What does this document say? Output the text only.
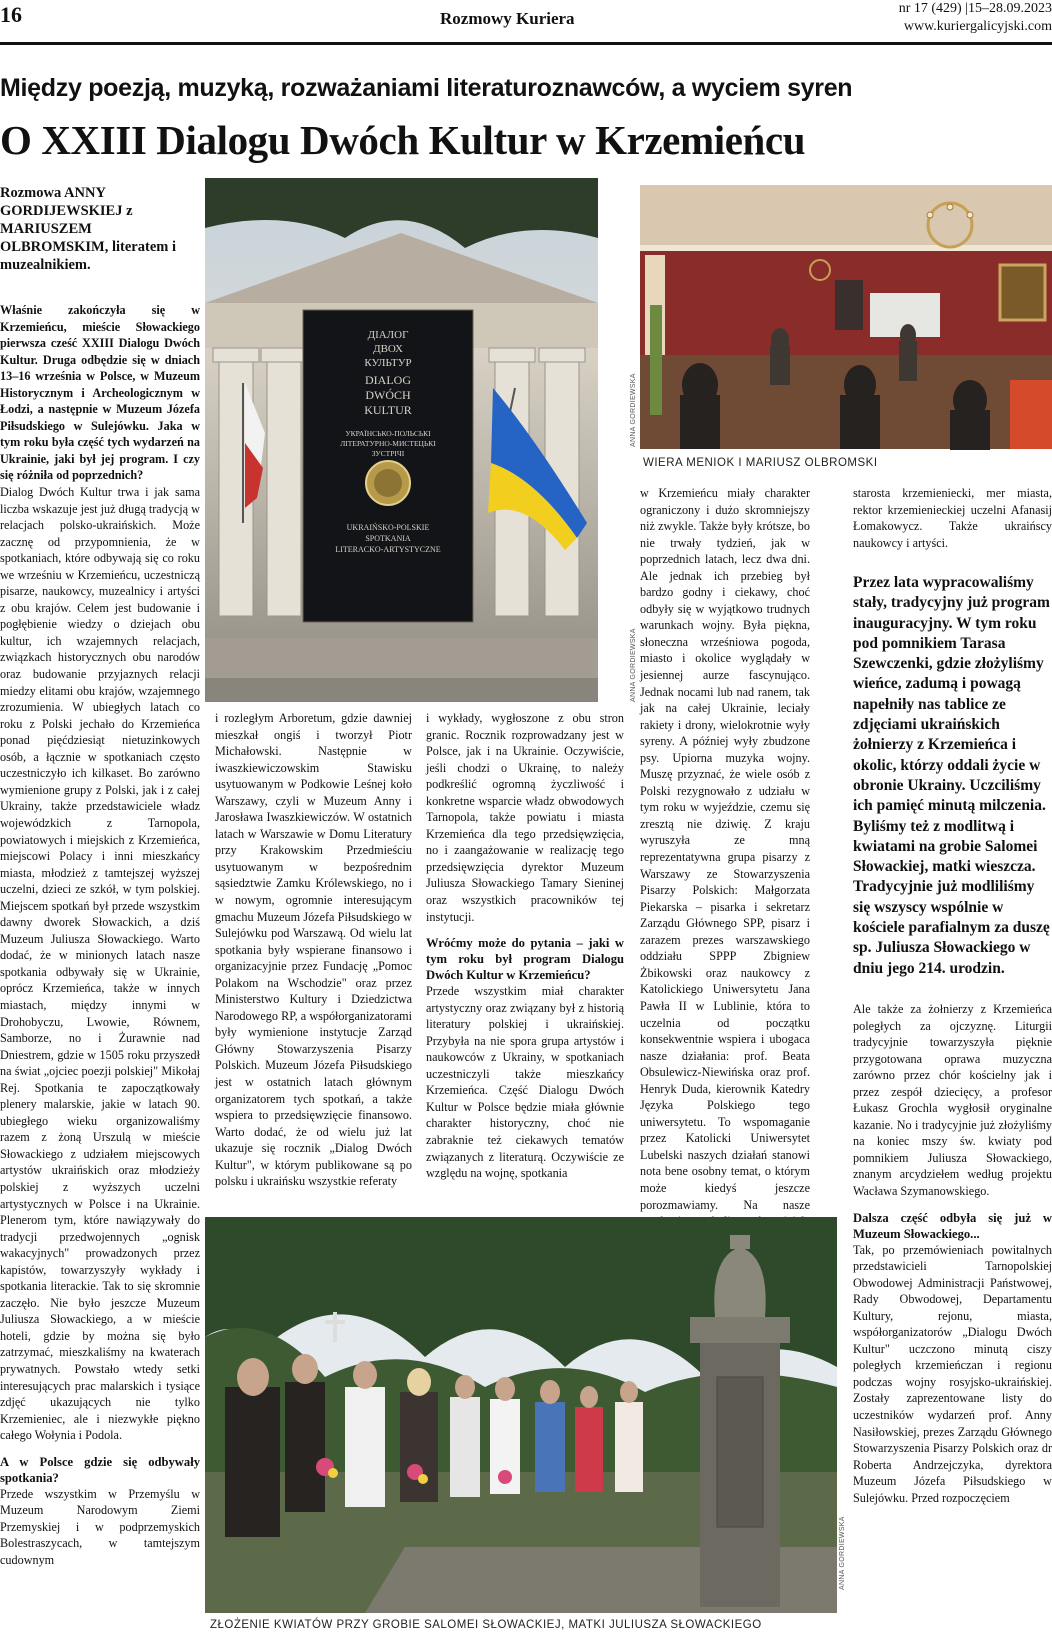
16	Rozmowy Kuriera
nr 17 (429) |15–28.09.2023
www.kuriergalicyjski.com
Między poezją, muzyką, rozważaniami literaturoznawców, a wyciem syren
O XXIII Dialogu Dwóch Kultur w Krzemieńcu
Rozmowa ANNY GORDIJEWSKIEJ z MARIUSZEM OLBROMSKIM, literatem i muzealnikiem.

Właśnie zakończyła się w Krzemieńcu, mieście Słowackiego pierwsza cześć XXIII Dialogu Dwóch Kultur. Druga odbędzie się w dniach 13–16 września w Polsce, w Muzeum Historycznym i Archeologicznym w Łodzi, a następnie w Muzeum Józefa Piłsudskiego w Sulejówku. Jaka w tym roku była część tych wydarzeń na Ukrainie, jaki był jej program. I czy się różniła od poprzednich?

Dialog Dwóch Kultur trwa i jak sama liczba wskazuje jest już długą tradycją w relacjach polsko-ukraińskich. Może zacznę od przypomnienia, że w spotkaniach, które odbywają się co roku we wrześniu w Krzemieńcu, uczestniczą pisarze, naukowcy, muzealnicy i artyści z obu krajów. Celem jest budowanie i pogłębienie wiedzy o dziejach obu kultur, ich wzajemnych relacjach, związkach historycznych obu narodów oraz budowanie przyjaznych relacji miedzy elitami obu krajów, wzajemnego zrozumienia. W ubiegłych latach co roku z Polski jechało do Krzemieńca ponad pięćdziesiąt nietuzinkowych osób, a łącznie w spotkaniach często uczestniczyło ich kilkaset. Bo zarówno wymienione grupy z Polski, jak i z całej Ukrainy, także przedstawiciele władz wojewódzkich z Tarnopola, powiatowych i miejskich z Krzemieńca, miejscowi Polacy i inni mieszkańcy miasta, młodzież z tamtejszej wyższej uczelni, dzieci ze szkół, w tym polskiej. Miejscem spotkań był przede wszystkim dawny dworek Słowackich, a dziś Muzeum Juliusza Słowackiego. Warto dodać, że w minionych latach nasze spotkania odbywały się w Ukrainie, oprócz Krzemieńca, także w innych miastach, między innymi w Drohobyczu, Lwowie, Równem, Samborze, no i Żurawnie nad Dniestrem, gdzie w 1505 roku przyszedł na świat „ojciec poezji polskiej" Mikołaj Rej. Spotkania te zapoczątkowały plenery malarskie, jakie w latach 90. ubiegłego wieku organizowaliśmy razem z żoną Urszulą w mieście Słowackiego z udziałem miejscowych artystów ukraińskich oraz młodzieży polskiej z wyższych uczelni artystycznych w Polsce i na Ukrainie. Plenerom tym, które nawiązywały do tradycji przedwojennych „ognisk wakacyjnych" prowadzonych przez kapistów, towarzyszyły wykłady i spotkania literackie. Tak to się skromnie zaczęło. Nie było jeszcze Muzeum Juliusza Słowackiego, a w mieście hoteli, gdzie by można się było zatrzymać, mieszkaliśmy na kwaterach prywatnych. Powstało wtedy setki interesujących prac malarskich i tysiące zdjęć ukazujących nie tylko Krzemieniec, ale i niezwykłe piękno całego Wołynia i Podola.

A w Polsce gdzie się odbywały spotkania?

Przede wszystkim w Przemyślu w Muzeum Narodowym Ziemi Przemyskiej i w podprzemyskich Bolestraszycach, w tamtejszym cudownym

ДІАЛОГ
ДВОХ
КУЛЬТУР
DIALOG
DWÓCH
KULTUR
УКРАЇНСЬКО-ПОЛЬСЬКІ
ЛІТЕРАТУРНО-МИСТЕЦЬКІ
ЗУСТРІЧІ
UKRAIŃSKO-POLSKIE
SPOTKANIA
LITERACKO-ARTYSTYCZNE
ANNA GORDIEWSKA
ANNA GORDIEWSKA
WIERA MENIOK I MARIUSZ OLBROMSKI

i rozległym Arboretum, gdzie dawniej mieszkał ongiś i tworzył Piotr Michałowski. Następnie w iwaszkiewiczowskim Stawisku usytuowanym w Podkowie Leśnej koło Warszawy, czyli w Muzeum Anny i Jarosława Iwaszkiewiczów. W ostatnich latach w Warszawie w Domu Literatury przy Krakowskim Przedmieściu usytuowanym w bezpośrednim sąsiedztwie Zamku Królewskiego, no i w nowym, ogromnie interesującym gmachu Muzeum Józefa Piłsudskiego w Sulejówku pod Warszawą. Od wielu lat spotkania były wspierane finansowo i organizacyjnie przez Fundację „Pomoc Polakom na Wschodzie" oraz przez Ministerstwo Kultury i Dziedzictwa Narodowego RP, a współorganizatorami były wymienione instytucje Zarząd Główny Stowarzyszenia Pisarzy Polskich. Muzeum Józefa Piłsudskiego jest w ostatnich latach głównym organizatorem tych spotkań, a także wspiera to przedsięwzięcie finansowo. Warto dodać, że od wielu już lat ukazuje się rocznik „Dialog Dwóch Kultur", w którym publikowane są po polsku i ukraińsku wszystkie referaty

i wykłady, wygłoszone z obu stron granic. Rocznik rozprowadzany jest w Polsce, jak i na Ukrainie. Oczywiście, jeśli chodzi o Ukrainę, to należy podkreślić ogromną życzliwość i konkretne wsparcie władz obwodowych Tarnopola, także powiatu i miasta Krzemieńca dla tego przedsięwzięcia, no i zaangażowanie w realizację tego przedsięwzięcia dyrektor Muzeum Juliusza Słowackiego Tamary Sieninej oraz wszystkich pracowników tej instytucji.

Wróćmy może do pytania – jaki w tym roku był program Dialogu Dwóch Kultur w Krzemieńcu?

Przede wszystkim miał charakter artystyczny oraz związany był z historią literatury polskiej i ukraińskiej. Przybyła na nie spora grupa artystów i naukowców z Ukrainy, w spotkaniach uczestniczyli także mieszkańcy Krzemieńca. Część Dialogu Dwóch Kultur w Polsce będzie miała głównie charakter historyczny, choć nie zabraknie też ciekawych tematów związanych z literaturą. Oczywiście ze względu na wojnę, spotkania

w Krzemieńcu miały charakter ograniczony i dużo skromniejszy niż zwykle. Także były krótsze, bo nie trwały tydzień, jak w poprzednich latach, lecz dwa dni. Ale jednak ich przebieg był bardzo godny i ciekawy, choć odbyły się w wyjątkowo trudnych warunkach wojny. Była piękna, słoneczna wrześniowa pogoda, miasto i okolice wyglądały w jesiennej aurze fascynująco. Jednak nocami lub nad ranem, tak jak na całej Ukrainie, leciały rakiety i drony, wielokrotnie wyły syreny. A później wyły zbudzone psy. Upiorna muzyka wojny. Muszę przyznać, że wiele osób z Polski rezygnowało z udziału w tym roku w wyjeździe, czemu się zresztą nie dziwię. Z kraju wyruszyła ze mną reprezentatywna grupa pisarzy z Warszawy ze Stowarzyszenia Pisarzy Polskich: Małgorzata Piekarska – pisarka i sekretarz Zarządu Głównego SPP, pisarz i zarazem prezes warszawskiego oddziału SPPP Zbigniew Żbikowski oraz naukowcy z Katolickiego Uniwersytetu Jana Pawła II w Lublinie, która to uczelnia od początku konsekwentnie wspiera i ubogaca nasze działania: prof. Beata Obsulewicz-Niewińska oraz prof. Henryk Duda, kierownik Katedry Języka Polskiego tego uniwersytetu. To wspomaganie przez Katolicki Uniwersytet Lubelski naszych działań stanowi nota bene osobny temat, o którym może kiedyś jeszcze porozmawiamy. Na nasze

starosta krzemieniecki, mer miasta, rektor krzemienieckiej uczelni Afanasij Łomakowycz. Także ukraińscy naukowcy i artyści.

Przez lata wypracowaliśmy stały, tradycyjny już program inauguracyjny. W tym roku pod pomnikiem Tarasa Szewczenki, gdzie złożyliśmy wieńce, zadumą i powagą napełniły nas tablice ze zdjęciami ukraińskich żołnierzy z Krzemieńca i okolic, którzy oddali życie w obronie Ukrainy. Uczciliśmy ich pamięć minutą milczenia. Byliśmy też z modlitwą i kwiatami na grobie Salomei Słowackiej, matki wieszcza. Tradycyjnie już modliliśmy się wszyscy wspólnie w kościele parafialnym za duszę sp. Juliusza Słowackiego w dniu jego 214. urodzin.

Ale także za żołnierzy z Krzemieńca poległych za ojczyznę. Liturgii tradycyjnie towarzyszyła pięknie przygotowana oprawa muzyczna zarówno przez chór kościelny jak i przez zespół dziecięcy, a profesor Łukasz Grochla wygłosił oryginalne kazanie. No i tradycyjnie już złożyliśmy na koniec mszy św. kwiaty pod pomnikiem Juliusza Słowackiego, znanym arcydziełem według projektu Wacława Szymanowskiego.

Dalsza część odbyła się już w Muzeum Słowackiego...

Tak, po przemówieniach powitalnych przedstawicieli Tarnopolskiej Obwodowej Administracji Państwowej, Rady Obwodowej, Departamentu Kultury, rejonu, miasta, współorganizatorów „Dialogu Dwóch Kultur" uczczono minutą ciszy poległych krzemieńczan i regionu podczas wojny rosyjsko-ukraińskiej. Zostały zaprezentowane listy do uczestników wydarzeń prof. Anny Nasiłowskiej, prezes Zarządu Głównego Stowarzyszenia Pisarzy Polskich oraz dr Roberta Andrzejczyka, dyrektora Muzeum Józefa Piłsudskiego w Sulejówku. Przed rozpoczęciem

ANNA GORDIEWSKA
ZŁOŻENIE KWIATÓW PRZY GROBIE SALOMEI SŁOWACKIEJ, MATKI JULIUSZA SŁOWACKIEGO
